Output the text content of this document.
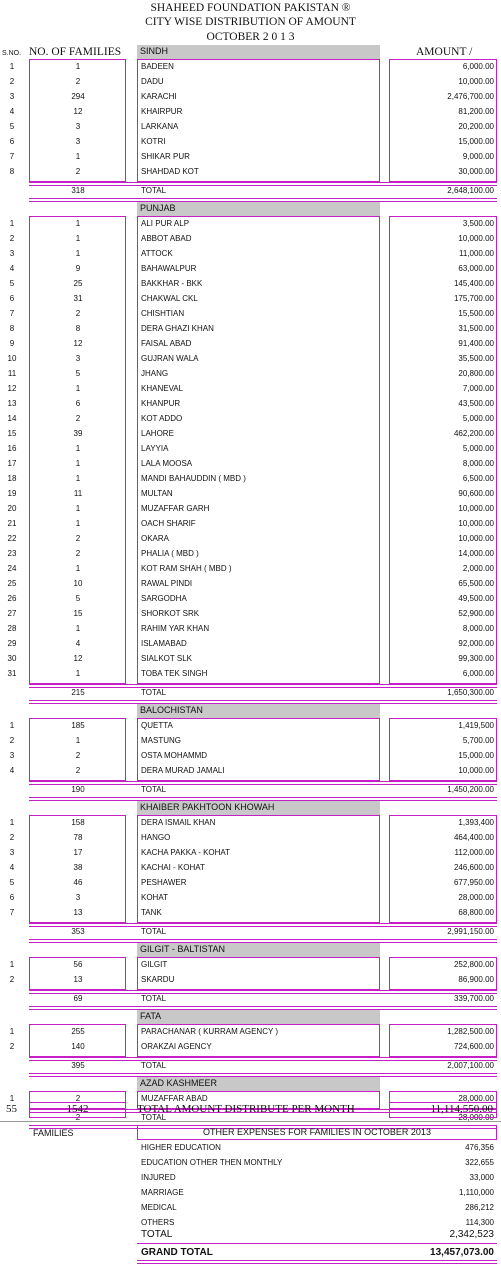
SHAHEED FOUNDATION PAKISTAN ®
CITY WISE DISTRIBUTION OF AMOUNT
OCTOBER 2 0 1 3
S.NO. NO. OF FAMILIES	AMOUNT /
SINDH
1	1	BADEEN	6,000.00
2	2	DADU	10,000.00
3	294	KARACHI	2,476,700.00
4	12	KHAIRPUR	81,200.00
5	3	LARKANA	20,200.00
6	3	KOTRI	15,000.00
7	1	SHIKAR PUR	9,000.00
8	2	SHAHDAD KOT	30,000.00
318	TOTAL	2,648,100.00
PUNJAB
1	1	ALI PUR ALP	3,500.00
2	1	ABBOT ABAD	10,000.00
3	1	ATTOCK	11,000.00
4	9	BAHAWALPUR	63,000.00
5	25	BAKKHAR - BKK	145,400.00
6	31	CHAKWAL CKL	175,700.00
7	2	CHISHTIAN	15,500.00
8	8	DERA GHAZI KHAN	31,500.00
9	12	FAISAL ABAD	91,400.00
10	3	GUJRAN WALA	35,500.00
11	5	JHANG	20,800.00
12	1	KHANEVAL	7,000.00
13	6	KHANPUR	43,500.00
14	2	KOT ADDO	5,000.00
15	39	LAHORE	462,200.00
16	1	LAYYIA	5,000.00
17	1	LALA MOOSA	8,000.00
18	1	MANDI BAHAUDDIN ( MBD )	6,500.00
19	11	MULTAN	90,600.00
20	1	MUZAFFAR GARH	10,000.00
21	1	OACH SHARIF	10,000.00
22	2	OKARA	10,000.00
23	2	PHALIA ( MBD )	14,000.00
24	1	KOT RAM SHAH ( MBD )	2,000.00
25	10	RAWAL PINDI	65,500.00
26	5	SARGODHA	49,500.00
27	15	SHORKOT SRK	52,900.00
28	1	RAHIM YAR KHAN	8,000.00
29	4	ISLAMABAD	92,000.00
30	12	SIALKOT SLK	99,300.00
31	1	TOBA TEK SINGH	6,000.00
215	TOTAL	1,650,300.00
BALOCHISTAN
1	185	QUETTA	1,419,500
2	1	MASTUNG	5,700.00
3	2	OSTA MOHAMMD	15,000.00
4	2	DERA MURAD JAMALI	10,000.00
190	TOTAL	1,450,200.00
KHAIBER PAKHTOON KHOWAH
1	158	DERA ISMAIL KHAN	1,393,400
2	78	HANGO	464,400.00
3	17	KACHA PAKKA - KOHAT	112,000.00
4	38	KACHAI - KOHAT	246,600.00
5	46	PESHAWER	677,950.00
6	3	KOHAT	28,000.00
7	13	TANK	68,800.00
353	TOTAL	2,991,150.00
GILGIT - BALTISTAN
1	56	GILGIT	252,800.00
2	13	SKARDU	86,900.00
69	TOTAL	339,700.00
FATA
1	255	PARACHANAR ( KURRAM AGENCY )	1,282,500.00
2	140	ORAKZAI AGENCY	724,600.00
395	TOTAL	2,007,100.00
AZAD KASHMEER
1	2	MUZAFFAR ABAD	28,000.00
2	TOTAL	28,000.00
55	1542	TOTAL AMOUNT DISTRIBUTE PER MONTH	11,114,550.00
FAMILIES	OTHER EXPENSES FOR FAMILIES IN OCTOBER 2013
HIGHER EDUCATION	476,356
EDUCATION OTHER THEN MONTHLY	322,655
INJURED	33,000
MARRIAGE	1,110,000
MEDICAL	286,212
OTHERS	114,300
TOTAL	2,342,523
GRAND TOTAL	13,457,073.00
